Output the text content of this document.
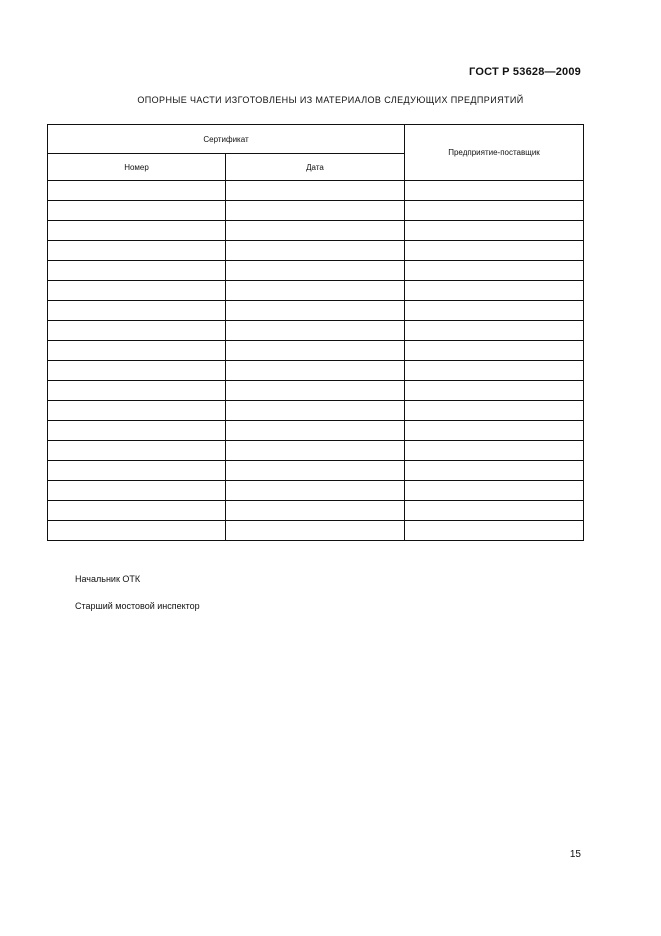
ГОСТ Р 53628—2009
ОПОРНЫЕ ЧАСТИ ИЗГОТОВЛЕНЫ ИЗ МАТЕРИАЛОВ СЛЕДУЮЩИХ ПРЕДПРИЯТИЙ
Сертификат		Предприятие-поставщик
Номер	Дата	

Начальник ОТК
Старший мостовой инспектор
15
